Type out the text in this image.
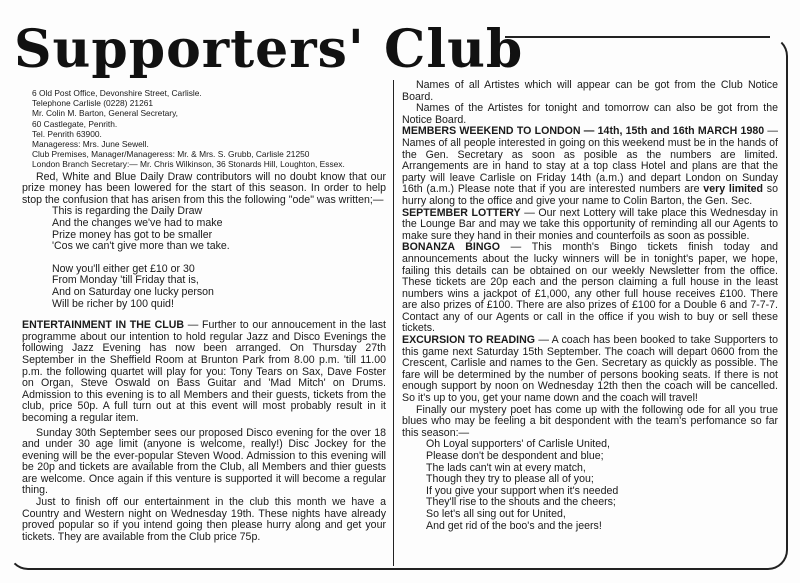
Supporters' Club
6 Old Post Office, Devonshire Street, Carlisle.
Telephone Carlisle (0228) 21261
Mr. Colin M. Barton, General Secretary,
60 Castlegate, Penrith.
Tel. Penrith 63900.
Manageress: Mrs. June Sewell.
Club Premises, Manager/Manageress: Mr. & Mrs. S. Grubb, Carlisle 21250
London Branch Secretary:— Mr. Chris Wilkinson, 36 Stonards Hill, Loughton, Essex.

Red, White and Blue Daily Draw contributors will no doubt know that our prize money has been lowered for the start of this season. In order to help stop the confusion that has arisen from this the following "ode" was written;—

This is regarding the Daily Draw
And the changes we've had to make
Prize money has got to be smaller
'Cos we can't give more than we take.
Now you'll either get £10 or 30
From Monday 'till Friday that is,
And on Saturday one lucky person
Will be richer by 100 quid!

ENTERTAINMENT IN THE CLUB — Further to our annoucement in the last programme about our intention to hold regular Jazz and Disco Evenings the following Jazz Evening has now been arranged. On Thursday 27th September in the Sheffield Room at Brunton Park from 8.00 p.m. 'till 11.00 p.m. the following quartet will play for you: Tony Tears on Sax, Dave Foster on Organ, Steve Oswald on Bass Guitar and 'Mad Mitch' on Drums. Admission to this evening is to all Members and their guests, tickets from the club, price 50p. A full turn out at this event will most probably result in it becoming a regular item.

Sunday 30th September sees our proposed Disco evening for the over 18 and under 30 age limit (anyone is welcome, really!) Disc Jockey for the evening will be the ever-popular Steven Wood. Admission to this evening will be 20p and tickets are available from the Club, all Members and thier guests are welcome. Once again if this venture is supported it will become a regular thing.

Just to finish off our entertainment in the club this month we have a Country and Western night on Wednesday 19th. These nights have already proved popular so if you intend going then please hurry along and get your tickets. They are available from the Club price 75p.

Names of all Artistes which will appear can be got from the Club Notice Board.

Names of the Artistes for tonight and tomorrow can also be got from the Notice Board.

MEMBERS WEEKEND TO LONDON — 14th, 15th and 16th MARCH 1980 — Names of all people interested in going on this weekend must be in the hands of the Gen. Secretary as soon as posible as the numbers are limited. Arrangements are in hand to stay at a top class Hotel and plans are that the party will leave Carlisle on Friday 14th (a.m.) and depart London on Sunday 16th (a.m.) Please note that if you are interested numbers are very limited so hurry along to the office and give your name to Colin Barton, the Gen. Sec.

SEPTEMBER LOTTERY — Our next Lottery will take place this Wednesday in the Lounge Bar and may we take this opportunity of reminding all our Agents to make sure they hand in their monies and counterfoils as soon as possible.

BONANZA BINGO — This month's Bingo tickets finish today and announcements about the lucky winners will be in tonight's paper, we hope, failing this details can be obtained on our weekly Newsletter from the office. These tickets are 20p each and the person claiming a full house in the least numbers wins a jackpot of £1,000, any other full house receives £100. There are also prizes of £100. There are also prizes of £100 for a Double 6 and 7-7-7. Contact any of our Agents or call in the office if you wish to buy or sell these tickets.

EXCURSION TO READING — A coach has been booked to take Supporters to this game next Saturday 15th September. The coach will depart 0600 from the Crescent, Carlisle and names to the Gen. Secretary as quickly as possible. The fare will be determined by the number of persons booking seats. If there is not enough support by noon on Wednesday 12th then the coach will be cancelled. So it's up to you, get your name down and the coach will travel!

Finally our mystery poet has come up with the following ode for all you true blues who may be feeling a bit despondent with the team's perfomance so far this season:—

Oh Loyal supporters' of Carlisle United,
Please don't be despondent and blue;
The lads can't win at every match,
Though they try to please all of you;
If you give your support when it's needed
They'll rise to the shouts and the cheers;
So let's all sing out for United,
And get rid of the boo's and the jeers!
